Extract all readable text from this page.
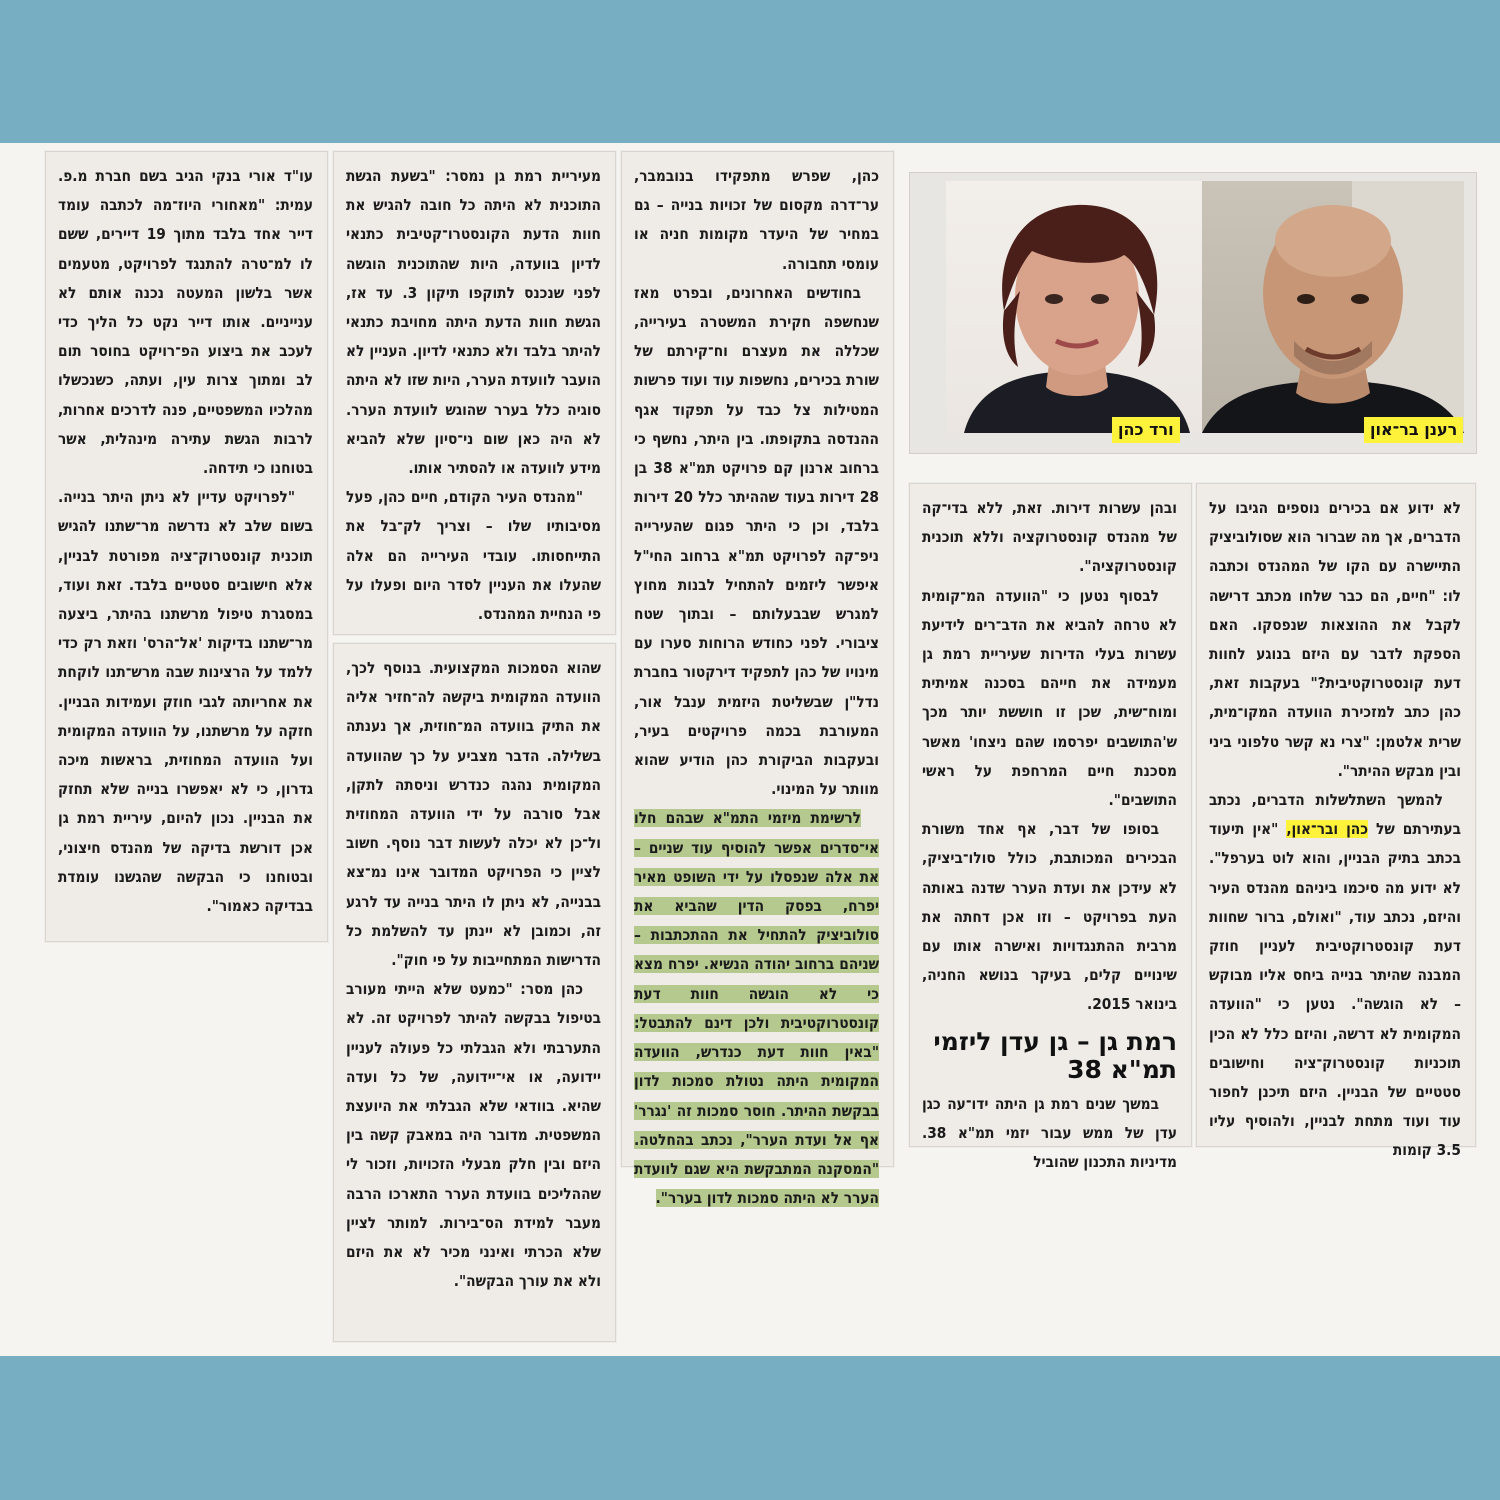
עו"ד אורי בנקי הגיב בשם חברת מ.פ. עמית: "מאחורי היוז־מה לכתבה עומד דייר אחד בלבד מתוך 19 דיירים, ששם לו למ־טרה להתנגד לפרויקט, מטעמים אשר בלשון המעטה נכנה אותם לא ענייניים. אותו דייר נקט כל הליך כדי לעכב את ביצוע הפ־רויקט בחוסר תום לב ומתוך צרות עין, ועתה, כשנכשלו מהלכיו המשפטיים, פנה לדרכים אחרות, לרבות הגשת עתירה מינהלית, אשר בטוחנו כי תידחה.

"לפרויקט עדיין לא ניתן היתר בנייה. בשום שלב לא נדרשה מר־שתנו להגיש תוכנית קונסטרוק־ציה מפורטת לבניין, אלא חישובים סטטיים בלבד. זאת ועוד, במסגרת טיפול מרשתנו בהיתר, ביצעה מר־שתנו בדיקות 'אל־הרס' וזאת רק כדי ללמד על הרצינות שבה מרש־תנו לוקחת את אחריותה לגבי חוזק ועמידות הבניין. חזקה על מרשתנו, על הוועדה המקומית ועל הוועדה המחוזית, בראשות מיכה גדרון, כי לא יאפשרו בנייה שלא תחזק את הבניין. נכון להיום, עיריית רמת גן אכן דורשת בדיקה של מהנדס חיצוני, ובטוחנו כי הבקשה שהגשנו עומדת בבדיקה כאמור".

מעיריית רמת גן נמסר: "בשעת הגשת התוכנית לא היתה כל חובה להגיש את חוות הדעת הקונסטרו־קטיבית כתנאי לדיון בוועדה, היות שהתוכנית הוגשה לפני שנכנס לתוקפו תיקון 3. עד אז, הגשת חוות הדעת היתה מחויבת כתנאי להיתר בלבד ולא כתנאי לדיון. העניין לא הועבר לוועדת הערר, היות שזו לא היתה סוגיה כלל בערר שהוגש לוועדת הערר. לא היה כאן שום ני־סיון שלא להביא מידע לוועדה או להסתיר אותו.

"מהנדס העיר הקודם, חיים כהן, פעל מסיבותיו שלו – וצריך לק־בל את התייחסותו. עובדי העירייה הם אלה שהעלו את העניין לסדר היום ופעלו על פי הנחיית המהנדס.

שהוא הסמכות המקצועית. בנוסף לכך, הוועדה המקומית ביקשה לה־חזיר אליה את התיק בוועדה המ־חוזית, אך נענתה בשלילה. הדבר מצביע על כך שהוועדה המקומית נהגה כנדרש וניסתה לתקן, אבל סורבה על ידי הוועדה המחוזית ול־כן לא יכלה לעשות דבר נוסף. חשוב לציין כי הפרויקט המדובר אינו נמ־צא בבנייה, לא ניתן לו היתר בנייה עד לרגע זה, וכמובן לא יינתן עד להשלמת כל הדרישות המתחייבות על פי חוק".

כהן מסר: "כמעט שלא הייתי מעורב בטיפול בבקשה להיתר לפרויקט זה. לא התערבתי ולא הגבלתי כל פעולה לעניין יידועה, או אי־יידועה, של כל ועדה שהיא. בוודאי שלא הגבלתי את היועצת המשפטית. מדובר היה במאבק קשה בין היזם ובין חלק מבעלי הזכויות, וזכור לי שההליכים בוועדת הערר התארכו הרבה מעבר למידת הס־בירות. למותר לציין שלא הכרתי ואינני מכיר לא את היזם ולא את עורך הבקשה".

כהן, שפרש מתפקידו בנובמבר, ער־דרה מקסום של זכויות בנייה – גם במחיר של היעדר מקומות חניה או עומסי תחבורה.

בחודשים האחרונים, ובפרט מאז שנחשפה חקירת המשטרה בעירייה, שכללה את מעצרם וח־קירתם של שורת בכירים, נחשפות עוד ועוד פרשות המטילות צל כבד על תפקוד אגף ההנדסה בתקופתו. בין היתר, נחשף כי ברחוב ארנון קם פרויקט תמ"א 38 בן 28 דירות בעוד שההיתר כלל 20 דירות בלבד, וכן כי היתר פגום שהעירייה ניפ־קה לפרויקט תמ"א ברחוב החי"ל איפשר ליזמים להתחיל לבנות מחוץ למגרש שבבעלותם – ובתוך שטח ציבורי. לפני כחודש הרוחות סערו עם מינויו של כהן לתפקיד דירקטור בחברת נדל"ן שבשליטת היזמית ענבל אור, המעורבת בכמה פרויקטים בעיר, ובעקבות הביקורת כהן הודיע שהוא מוותר על המינוי.

לרשימת מיזמי התמ"א שבהם חלו אי־סדרים אפשר להוסיף עוד שניים – את אלה שנפסלו על ידי השופט מאיר יפרח, בפסק הדין שהביא את סולוביציק להתחיל את ההתכתבות – שניהם ברחוב יהודה הנשיא. יפרח מצא כי לא הוגשה חוות דעת קונסטרוקטיבית ולכן דינם להתבטל: "באין חוות דעת כנדרש, הוועדה המקומית היתה נטולת סמכות לדון בבקשת ההיתר. חוסר סמכות זה 'נגרר' אף אל ועדת הערר", נכתב בהחלטה. "המסקנה המתבקשת היא שגם לוועדת הערר לא היתה סמכות לדון בערר".

ורד כהן	רענן בר־און

ובהן עשרות דירות. זאת, ללא בדי־קה של מהנדס קונסטרוקציה וללא תוכנית קונסטרוקציה".

לבסוף נטען כי "הוועדה המ־קומית לא טרחה להביא את הדב־רים לידיעת עשרות בעלי הדירות שעיריית רמת גן מעמידה את חייהם בסכנה אמיתית ומוח־שית, שכן זו חוששת יותר מכך ש'התושבים יפרסמו שהם ניצחו' מאשר מסכנת חיים המרחפת על ראשי התושבים".

בסופו של דבר, אף אחד משורת הבכירים המכותבת, כולל סולו־ביציק, לא עידכן את ועדת הערר שדנה באותה העת בפרויקט – וזו אכן דחתה את מרבית ההתנגדויות ואישרה אותו עם שינויים קלים, בעיקר בנושא החניה, בינואר 2015.

רמת גן – גן עדן ליזמי תמ"א 38

במשך שנים רמת גן היתה ידו־עה כגן עדן של ממש עבור יזמי תמ"א 38. מדיניות התכנון שהוביל

לא ידוע אם בכירים נוספים הגיבו על הדברים, אך מה שברור הוא שסולוביציק התיישרה עם הקו של המהנדס וכתבה לו: "חיים, הם כבר שלחו מכתב דרישה לקבל את ההוצאות שנפסקו. האם הספקת לדבר עם היזם בנוגע לחוות דעת קונסטרוקטיבית?" בעקבות זאת, כהן כתב למזכירת הוועדה המקו־מית, שרית אלטמן: "צרי נא קשר טלפוני ביני ובין מבקש ההיתר".

להמשך השתלשלות הדברים, נכתב בעתירתם של כהן ובר־און, "אין תיעוד בכתב בתיק הבניין, והוא לוט בערפל". לא ידוע מה סיכמו ביניהם מהנדס העיר והיזם, נכתב עוד, "ואולם, ברור שחוות דעת קונסטרוקטיבית לעניין חוזק המבנה שהיתר בנייה ביחס אליו מבוקש – לא הוגשה". נטען כי "הוועדה המקומית לא דרשה, והיזם כלל לא הכין תוכניות קונסטרוק־ציה וחישובים סטטיים של הבניין. היזם תיכנן לחפור עוד ועוד מתחת לבניין, ולהוסיף עליו 3.5 קומות
